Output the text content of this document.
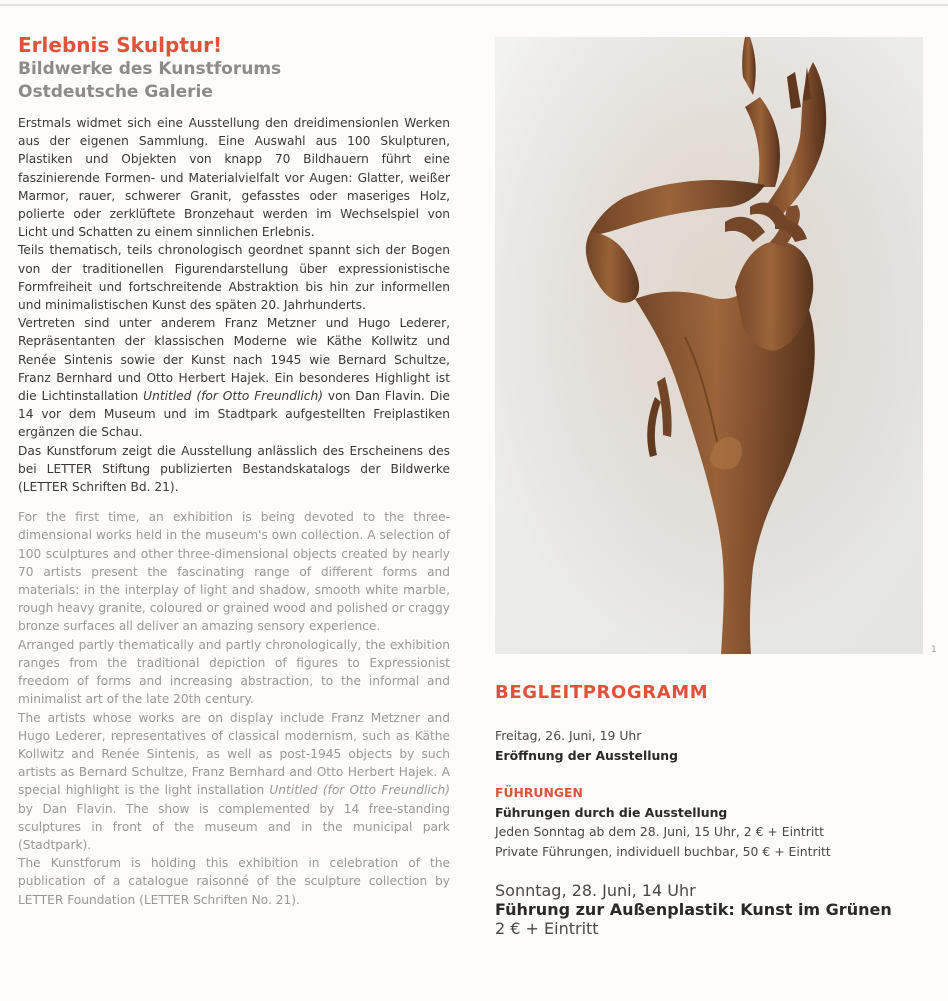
Erlebnis Skulptur!
Bildwerke des Kunstforums
Ostdeutsche Galerie

Erstmals widmet sich eine Ausstellung den dreidimensionlen Werken aus der eigenen Sammlung. Eine Auswahl aus 100 Skulpturen, Plastiken und Objekten von knapp 70 Bildhauern führt eine faszinierende Formen- und Materialvielfalt vor Augen: Glatter, weißer Marmor, rauer, schwerer Granit, gefasstes oder maseriges Holz, polierte oder zerklüftete Bronzehaut werden im Wechselspiel von Licht und Schatten zu einem sinnlichen Erlebnis.

Teils thematisch, teils chronologisch geordnet spannt sich der Bogen von der traditionellen Figurendarstellung über expressionistische Formfreiheit und fortschreitende Abstraktion bis hin zur informellen und minimalistischen Kunst des späten 20. Jahrhunderts.

Vertreten sind unter anderem Franz Metzner und Hugo Lederer, Repräsentanten der klassischen Moderne wie Käthe Kollwitz und Renée Sintenis sowie der Kunst nach 1945 wie Bernard Schultze, Franz Bernhard und Otto Herbert Hajek. Ein besonderes Highlight ist die Lichtinstallation Untitled (for Otto Freundlich) von Dan Flavin. Die 14 vor dem Museum und im Stadtpark aufgestellten Freiplastiken ergänzen die Schau.

Das Kunstforum zeigt die Ausstellung anlässlich des Erscheinens des bei LETTER Stiftung publizierten Bestandskatalogs der Bildwerke (LETTER Schriften Bd. 21).

For the first time, an exhibition is being devoted to the three-dimensional works held in the museum's own collection. A selection of 100 sculptures and other three-dimensional objects created by nearly 70 artists present the fascinating range of different forms and materials: in the interplay of light and shadow, smooth white marble, rough heavy granite, coloured or grained wood and polished or craggy bronze surfaces all deliver an amazing sensory experience.

Arranged partly thematically and partly chronologically, the exhibition ranges from the traditional depiction of figures to Expressionist freedom of forms and increasing abstraction, to the informal and minimalist art of the late 20th century.

The artists whose works are on display include Franz Metzner and Hugo Lederer, representatives of classical modernism, such as Käthe Kollwitz and Renée Sintenis, as well as post-1945 objects by such artists as Bernard Schultze, Franz Bernhard and Otto Herbert Hajek. A special highlight is the light installation Untitled (for Otto Freundlich) by Dan Flavin. The show is complemented by 14 free-standing sculptures in front of the museum and in the municipal park (Stadtpark).

The Kunstforum is holding this exhibition in celebration of the publication of a catalogue raisonné of the sculpture collection by LETTER Foundation (LETTER Schriften No. 21).

1
BEGLEITPROGRAMM
Freitag, 26. Juni, 19 Uhr
Eröffnung der Ausstellung
FÜHRUNGEN
Führungen durch die Ausstellung
Jeden Sonntag ab dem 28. Juni, 15 Uhr, 2 € + Eintritt
Private Führungen, individuell buchbar, 50 € + Eintritt
Sonntag, 28. Juni, 14 Uhr
Führung zur Außenplastik: Kunst im Grünen
2 € + Eintritt
